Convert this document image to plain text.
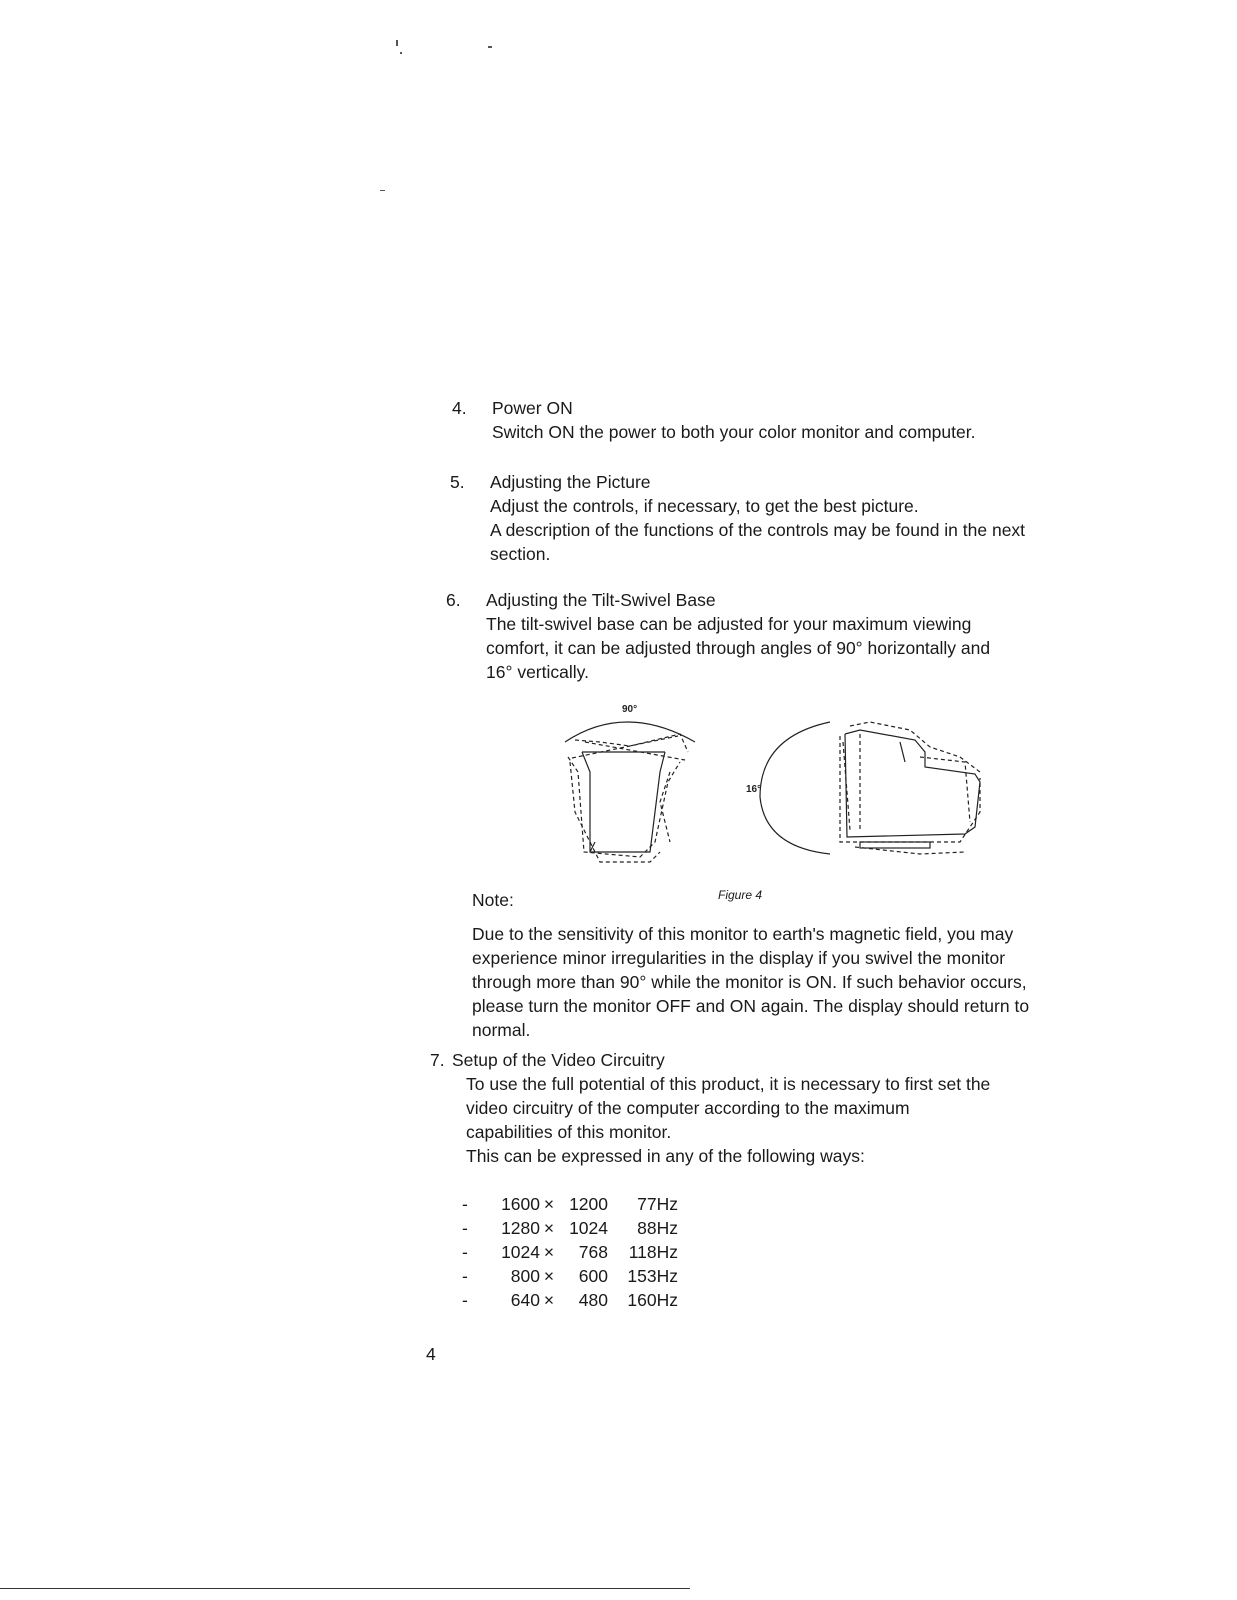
4. Power ON

Switch ON the power to both your color monitor and computer.

5. Adjusting the Picture

Adjust the controls, if necessary, to get the best picture.

A description of the functions of the controls may be found in the next section.

6. Adjusting the Tilt-Swivel Base

The tilt-swivel base can be adjusted for your maximum viewing comfort, it can be adjusted through angles of 90° horizontally and 16° vertically.

90°
16°
Figure 4
Note:

Due to the sensitivity of this monitor to earth's magnetic field, you may experience minor irregularities in the display if you swivel the monitor through more than 90° while the monitor is ON. If such behavior occurs, please turn the monitor OFF and ON again. The display should return to normal.

7. Setup of the Video Circuitry

To use the full potential of this product, it is necessary to first set the video circuitry of the computer according to the maximum capabilities of this monitor.

This can be expressed in any of the following ways:

-	1600 × 1200	77Hz
-	1280 × 1024	88Hz
-	1024 ×	768	118Hz
-	800 ×	600	153Hz
-	640 ×	480	160Hz
4
